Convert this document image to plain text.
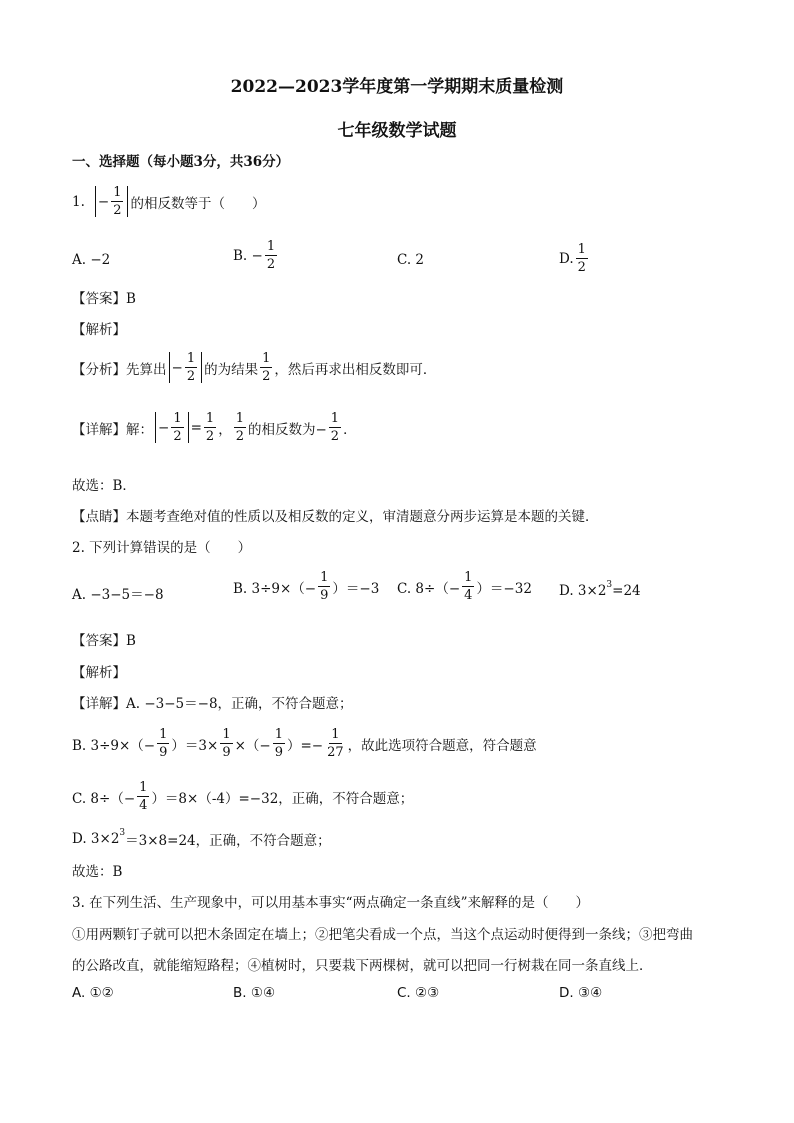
2022—2023学年度第一学期期末质量检测
七年级数学试题
一、选择题（每小题3分，共36分）
1. − $\frac{1}{2}$ 的相反数等于（　　）
A. −2	B. − $\frac{1}{2}$	C. 2	D. $\frac{1}{2}$
【答案】B
【解析】
【分析】先算出 − $\frac{1}{2}$ 的为结果 $\frac{1}{2}$ ，然后再求出相反数即可．
【详解】解： − $\frac{1}{2} = \frac{1}{2}$ ， $\frac{1}{2}$ 的相反数为− $\frac{1}{2}$ ．
故选：B．
【点睛】本题考查绝对值的性质以及相反数的定义，审清题意分两步运算是本题的关键．
2. 下列计算错误的是（　　）
A. −3−5＝−8	B. $3\div 9\times(- \frac{1}{9} )=-3$ C. $8\div(- \frac{1}{4} )=-32$ D. 3×2 3 =24
【答案】B
【解析】
【详解】A. −3−5＝−8，正确，不符合题意；
B. $3\div 9\times(- \frac{1}{9} )=3\times \frac{1}{9}$ ×（− $\frac{1}{9}$ ）=− $\frac{1}{27}$ ，故此选项符合题意，符合题意
C. $8\div(- \frac{1}{4} )=8\times(-4)=-32$，正确，不符合题意；
D. 3×2 3 ＝3×8=24，正确，不符合题意；
故选：B
3. 在下列生活、生产现象中，可以用基本事实“两点确定一条直线”来解释的是（　　）
①用两颗钉子就可以把木条固定在墙上；②把笔尖看成一个点，当这个点运动时便得到一条线；③把弯曲
的公路改直，就能缩短路程；④植树时，只要栽下两棵树，就可以把同一行树栽在同一条直线上．
A. ①②	B. ①④	C. ②③	D. ③④
